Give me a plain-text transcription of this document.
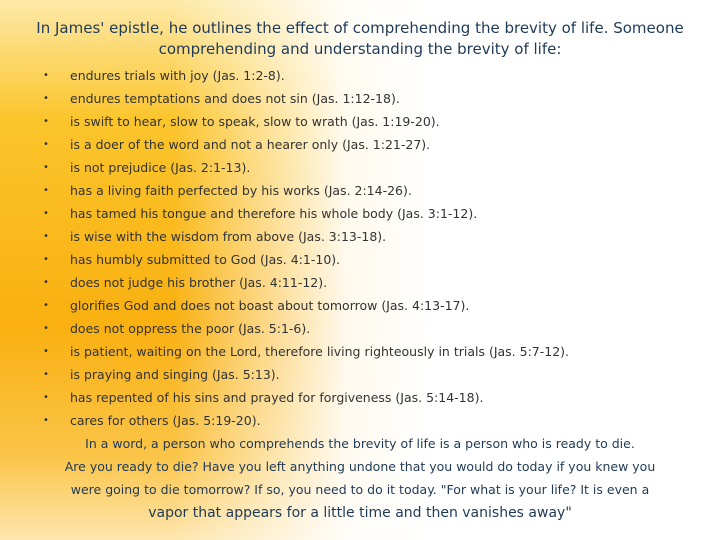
In James' epistle, he outlines the effect of comprehending the brevity of life. Someone
comprehending and understanding the brevity of life:
• endures trials with joy (Jas. 1:2-8).
• endures temptations and does not sin (Jas. 1:12-18).
• is swift to hear, slow to speak, slow to wrath (Jas. 1:19-20).
• is a doer of the word and not a hearer only (Jas. 1:21-27).
• is not prejudice (Jas. 2:1-13).
• has a living faith perfected by his works (Jas. 2:14-26).
• has tamed his tongue and therefore his whole body (Jas. 3:1-12).
• is wise with the wisdom from above (Jas. 3:13-18).
• has humbly submitted to God (Jas. 4:1-10).
• does not judge his brother (Jas. 4:11-12).
• glorifies God and does not boast about tomorrow (Jas. 4:13-17).
• does not oppress the poor (Jas. 5:1-6).
• is patient, waiting on the Lord, therefore living righteously in trials (Jas. 5:7-12).
• is praying and singing (Jas. 5:13).
• has repented of his sins and prayed for forgiveness (Jas. 5:14-18).
• cares for others (Jas. 5:19-20).
In a word, a person who comprehends the brevity of life is a person who is ready to die.
Are you ready to die? Have you left anything undone that you would do today if you knew you
were going to die tomorrow? If so, you need to do it today. "For what is your life? It is even a
vapor that appears for a little time and then vanishes away"
